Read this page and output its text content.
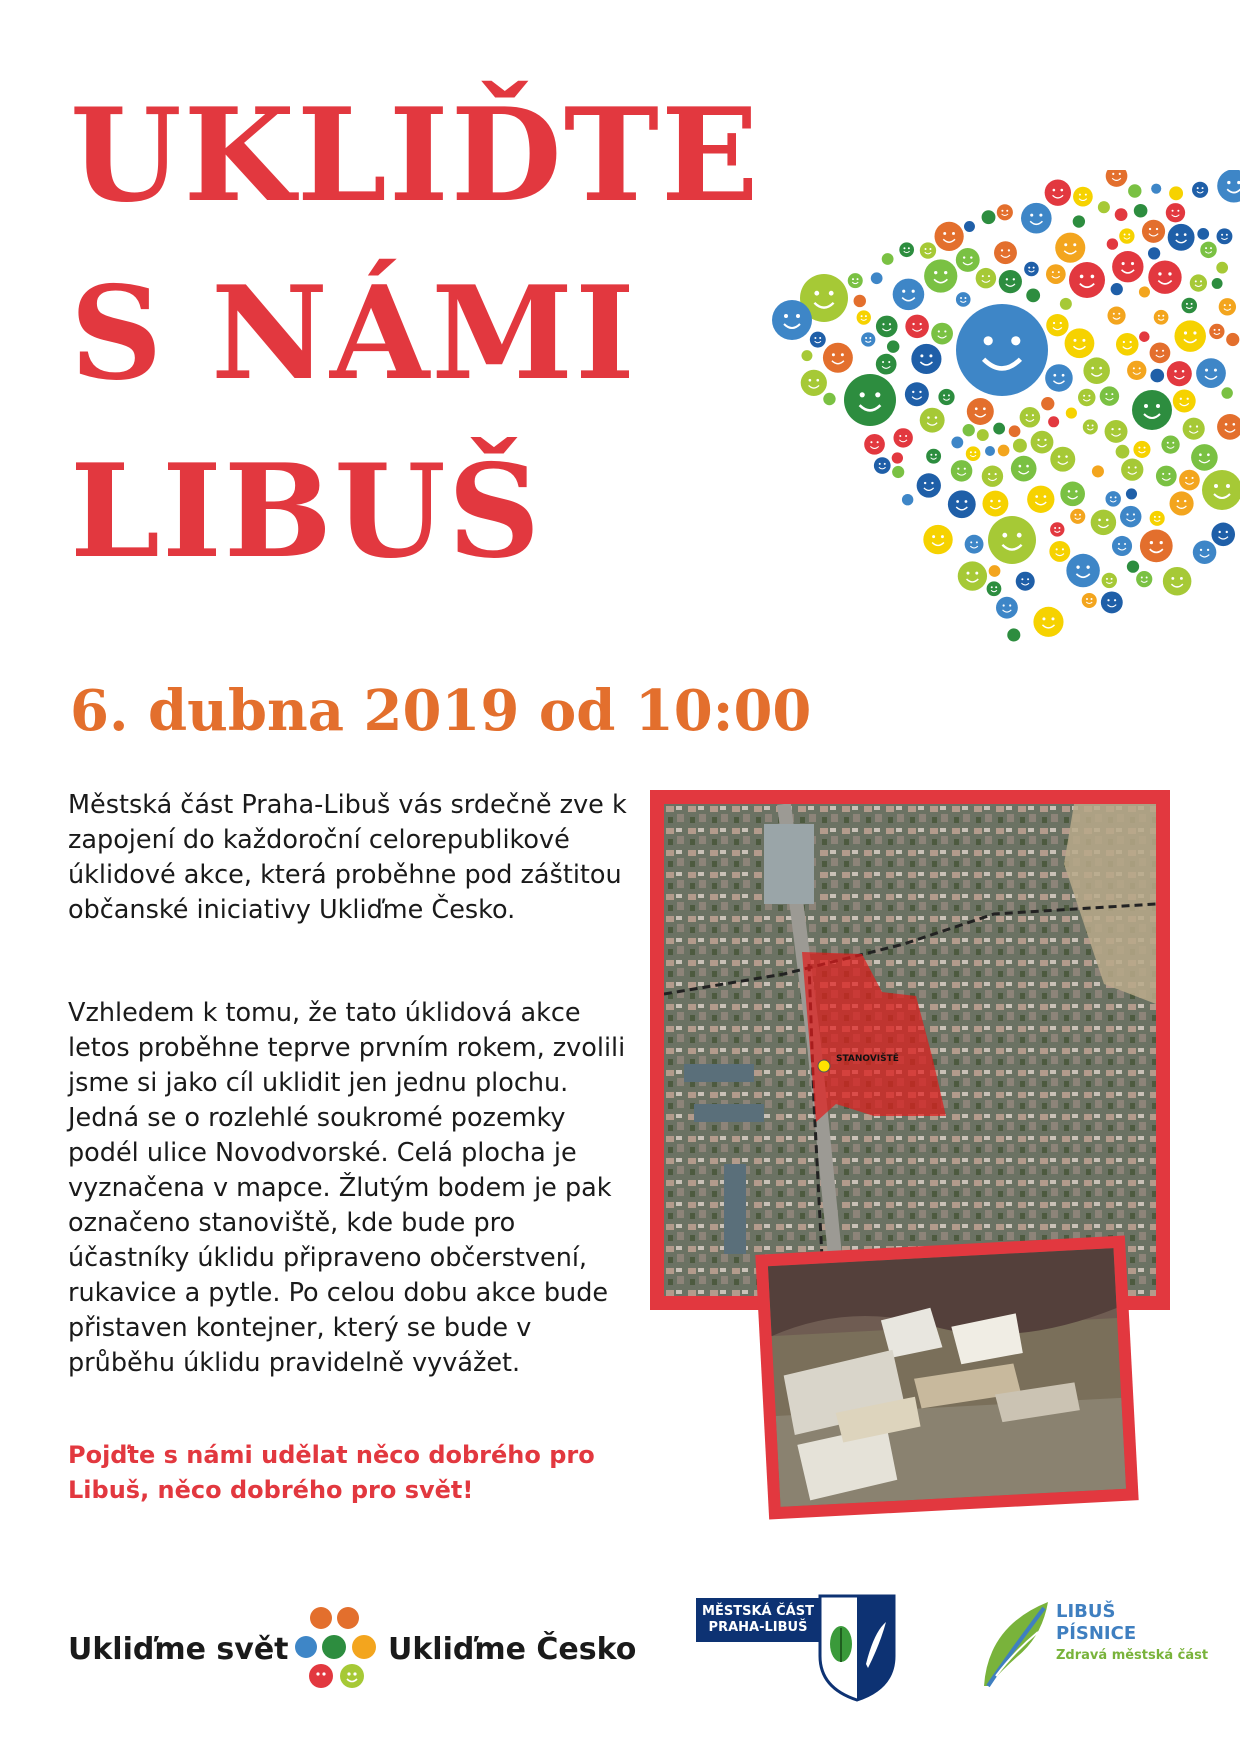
UKLIĎTE
S NÁMI
LIBUŠ
6. dubna 2019 od 10:00

Městská část Praha-Libuš vás srdečně zve k zapojení do každoroční celorepublikové úklidové akce, která proběhne pod záštitou občanské iniciativy Ukliďme Česko.

Vzhledem k tomu, že tato úklidová akce letos proběhne teprve prvním rokem, zvolili jsme si jako cíl uklidit jen jednu plochu. Jedná se o rozlehlé soukromé pozemky podél ulice Novodvorské. Celá plocha je vyznačena v mapce. Žlutým bodem je pak označeno stanoviště, kde bude pro účastníky úklidu připraveno občerstvení, rukavice a pytle. Po celou dobu akce bude přistaven kontejner, který se bude v průběhu úklidu pravidelně vyvážet.

STANOVIŠTĚ

Pojďte s námi udělat něco dobrého pro Libuš, něco dobrého pro svět!

Ukliďme svět	Ukliďme Česko
MĚSTSKÁ ČÁST
PRAHA-LIBUŠ
LIBUŠ
PÍSNICE
Zdravá městská část
